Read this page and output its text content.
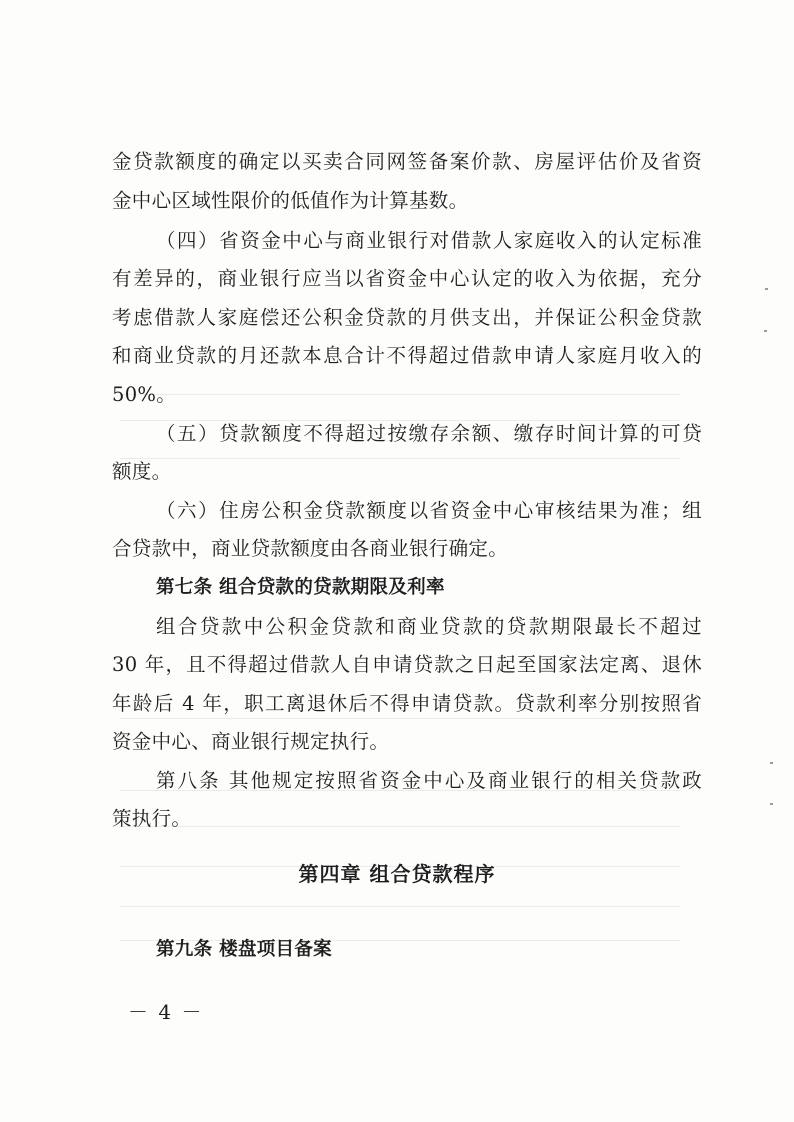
金贷款额度的确定以买卖合同网签备案价款、房屋评估价及省资
金中心区域性限价的低值作为计算基数。
（四）省资金中心与商业银行对借款人家庭收入的认定标准
有差异的，商业银行应当以省资金中心认定的收入为依据，充分
考虑借款人家庭偿还公积金贷款的月供支出，并保证公积金贷款
和商业贷款的月还款本息合计不得超过借款申请人家庭月收入的
50%。
（五）贷款额度不得超过按缴存余额、缴存时间计算的可贷
额度。
（六）住房公积金贷款额度以省资金中心审核结果为准；组
合贷款中，商业贷款额度由各商业银行确定。
第七条 组合贷款的贷款期限及利率
组合贷款中公积金贷款和商业贷款的贷款期限最长不超过
30 年，且不得超过借款人自申请贷款之日起至国家法定离、退休
年龄后 4 年，职工离退休后不得申请贷款。贷款利率分别按照省
资金中心、商业银行规定执行。
第八条 其他规定按照省资金中心及商业银行的相关贷款政
策执行。
第四章 组合贷款程序
第九条 楼盘项目备案
－ 4 －
